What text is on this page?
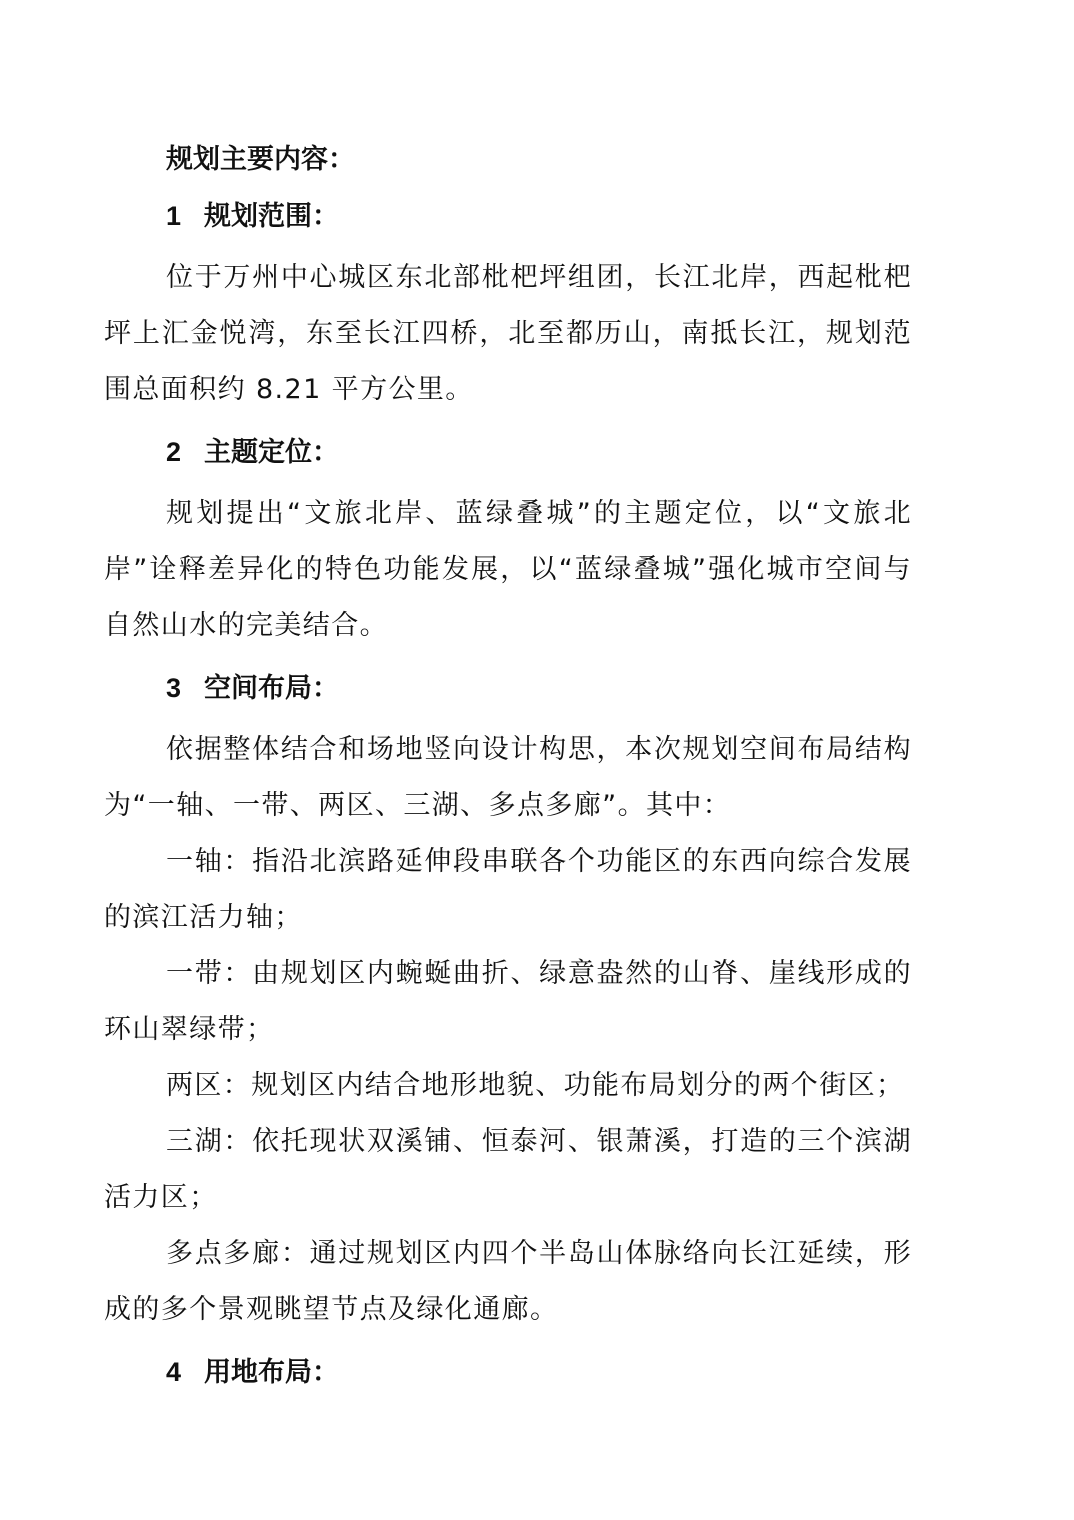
规划主要内容：
1 规划范围：

位于万州中心城区东北部枇杷坪组团，长江北岸，西起枇杷坪上汇金悦湾，东至长江四桥，北至都历山，南抵长江，规划范围总面积约 8.21 平方公里。

2 主题定位：

规划提出“文旅北岸、蓝绿叠城”的主题定位，以“文旅北岸”诠释差异化的特色功能发展，以“蓝绿叠城”强化城市空间与自然山水的完美结合。

3 空间布局：

依据整体结合和场地竖向设计构思，本次规划空间布局结构为“一轴、一带、两区、三湖、多点多廊”。其中：

一轴：指沿北滨路延伸段串联各个功能区的东西向综合发展的滨江活力轴；

一带：由规划区内蜿蜒曲折、绿意盎然的山脊、崖线形成的环山翠绿带；

两区：规划区内结合地形地貌、功能布局划分的两个街区；

三湖：依托现状双溪铺、恒泰河、银萧溪，打造的三个滨湖活力区；

多点多廊：通过规划区内四个半岛山体脉络向长江延续，形成的多个景观眺望节点及绿化通廊。

4 用地布局：
